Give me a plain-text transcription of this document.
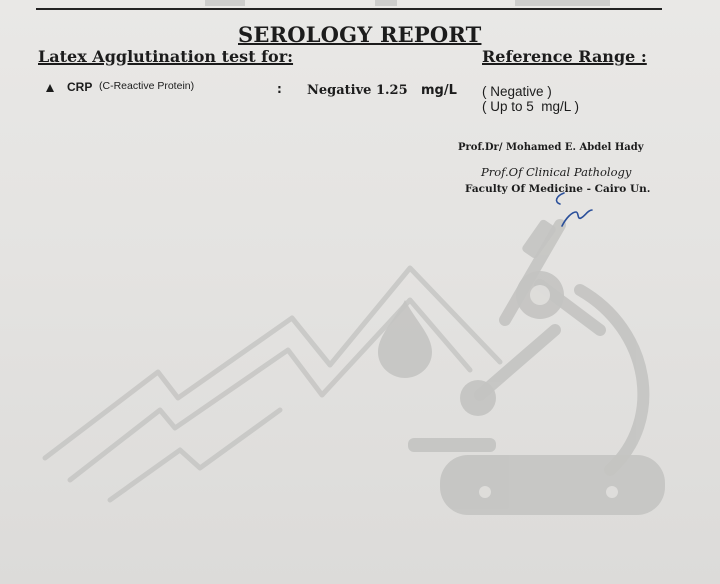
SEROLOGY REPORT
Latex Agglutination test for:	Reference Range :
CRP (C-Reactive Protein)	: Negative 1.25 mg/L ( Negative )
( Up to 5  mg/L )
Prof.Dr/ Mohamed E. Abdel Hady
Prof.Of Clinical Pathology
Faculty Of Medicine - Cairo Un.
